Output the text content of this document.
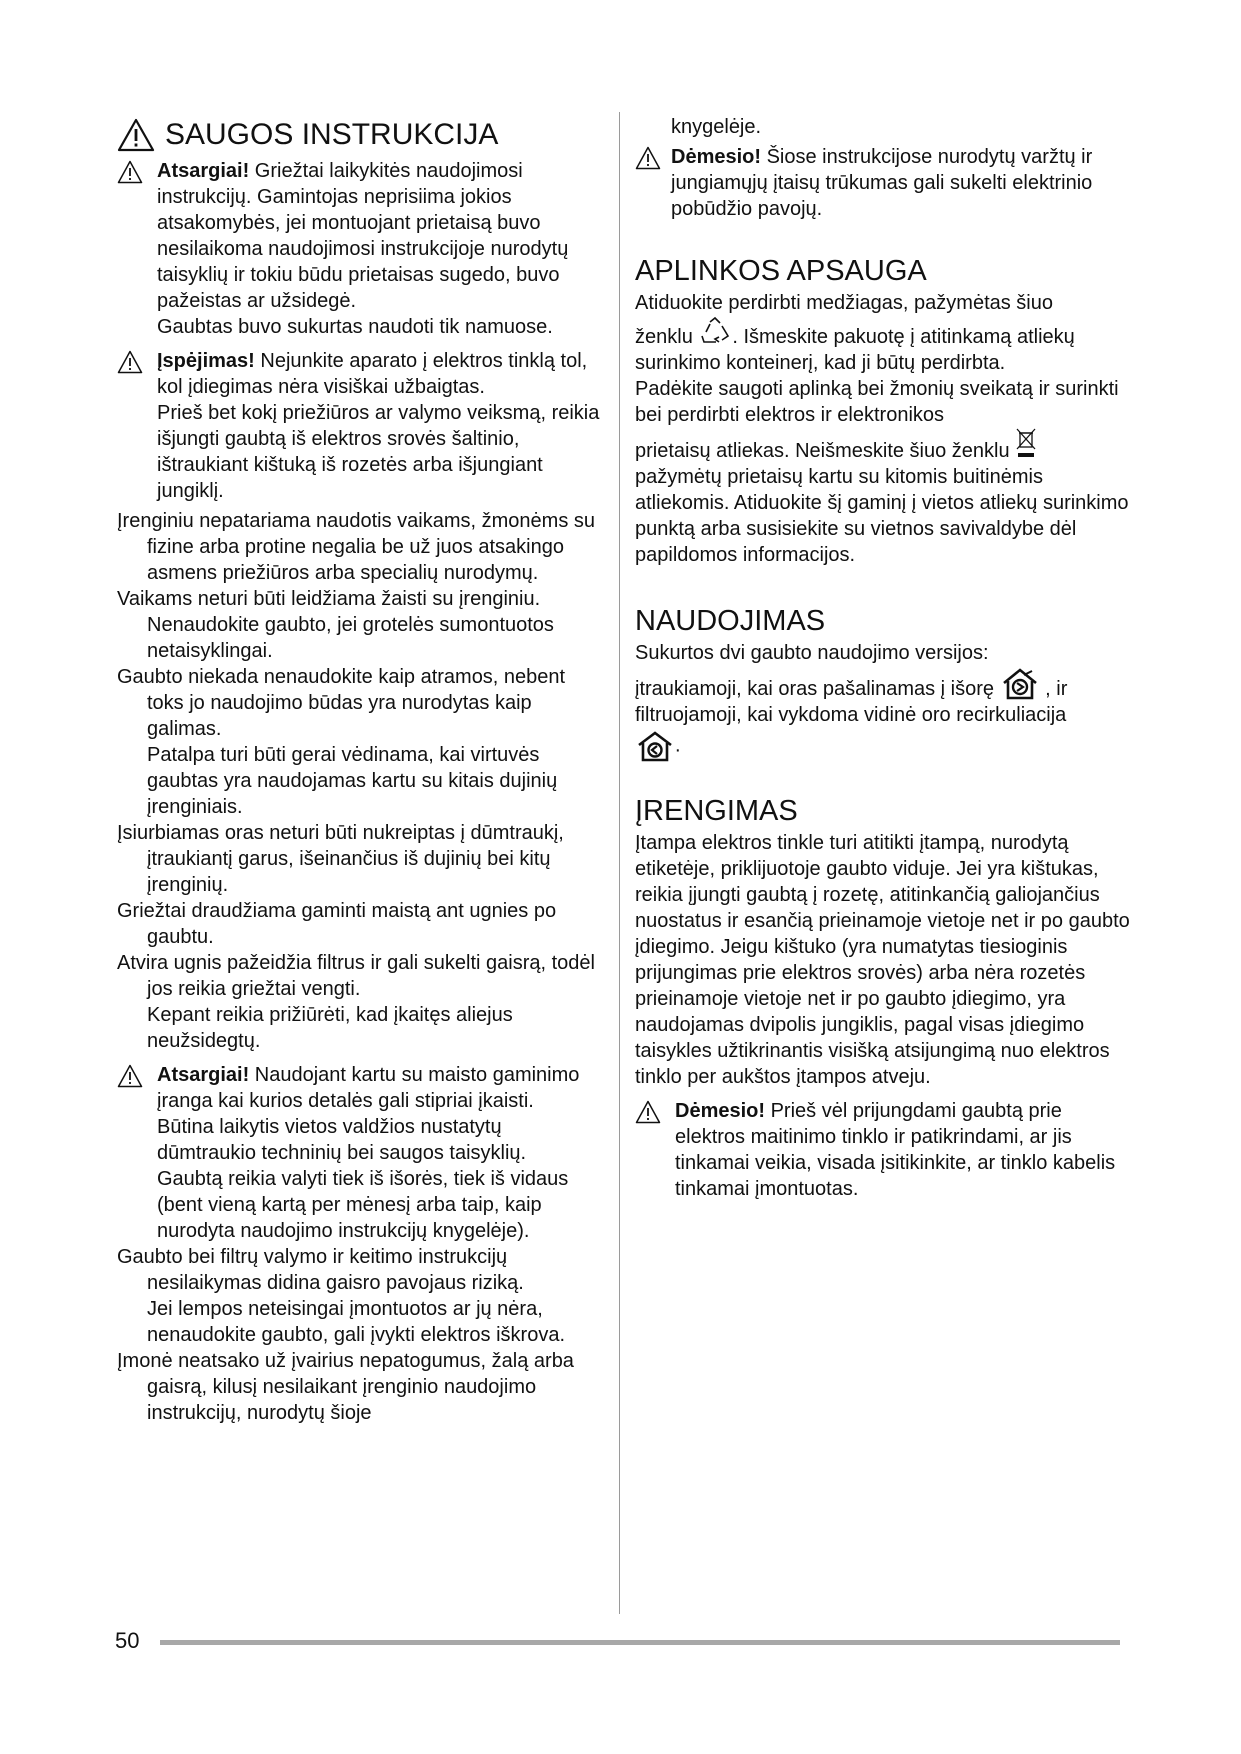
SAUGOS INSTRUKCIJA

Atsargiai! Griežtai laikykitės naudojimosi instrukcijų. Gamintojas neprisiima jokios atsakomybės, jei montuojant prietaisą buvo nesilaikoma naudojimosi instrukcijoje nurodytų taisyklių ir tokiu būdu prietaisas sugedo, buvo pažeistas ar užsidegė.

Gaubtas buvo sukurtas naudoti tik namuose.

Įspėjimas! Nejunkite aparato į elektros tinklą tol, kol įdiegimas nėra visiškai užbaigtas.

Prieš bet kokį priežiūros ar valymo veiksmą, reikia išjungti gaubtą iš elektros srovės šaltinio, ištraukiant kištuką iš rozetės arba išjungiant jungiklį.

Įrenginiu nepatariama naudotis vaikams, žmonėms su fizine arba protine negalia be už juos atsakingo asmens priežiūros arba specialių nurodymų.

Vaikams neturi būti leidžiama žaisti su įrenginiu. Nenaudokite gaubto, jei grotelės sumontuotos netaisyklingai.

Gaubto niekada nenaudokite kaip atramos, nebent toks jo naudojimo būdas yra nurodytas kaip galimas.

Patalpa turi būti gerai vėdinama, kai virtuvės gaubtas yra naudojamas kartu su kitais dujinių įrenginiais.

Įsiurbiamas oras neturi būti nukreiptas į dūmtraukį, įtraukiantį garus, išeinančius iš dujinių bei kitų įrenginių.

Griežtai draudžiama gaminti maistą ant ugnies po gaubtu.

Atvira ugnis pažeidžia filtrus ir gali sukelti gaisrą, todėl jos reikia griežtai vengti.

Kepant reikia prižiūrėti, kad įkaitęs aliejus neužsidegtų.

Atsargiai! Naudojant kartu su maisto gaminimo įranga kai kurios detalės gali stipriai įkaisti.

Būtina laikytis vietos valdžios nustatytų dūmtraukio techninių bei saugos taisyklių.

Gaubtą reikia valyti tiek iš išorės, tiek iš vidaus (bent vieną kartą per mėnesį arba taip, kaip nurodyta naudojimo instrukcijų knygelėje).

Gaubto bei filtrų valymo ir keitimo instrukcijų nesilaikymas didina gaisro pavojaus riziką.

Jei lempos neteisingai įmontuotos ar jų nėra, nenaudokite gaubto, gali įvykti elektros iškrova.

Įmonė neatsako už įvairius nepatogumus, žalą arba gaisrą, kilusį nesilaikant įrenginio naudojimo instrukcijų, nurodytų šioje

knygelėje.

Dėmesio! Šiose instrukcijose nurodytų varžtų ir jungiamųjų įtaisų trūkumas gali sukelti elektrinio pobūdžio pavojų.

APLINKOS APSAUGA

Atiduokite perdirbti medžiagas, pažymėtas šiuo

ženklu . Išmeskite pakuotę į atitinkamą atliekų surinkimo konteinerį, kad ji būtų perdirbta.

Padėkite saugoti aplinką bei žmonių sveikatą ir surinkti bei perdirbti elektros ir elektronikos

prietaisų atliekas. Neišmeskite šiuo ženklu

pažymėtų prietaisų kartu su kitomis buitinėmis atliekomis. Atiduokite šį gaminį į vietos atliekų surinkimo punktą arba susisiekite su vietnos savivaldybe dėl papildomos informacijos.

NAUDOJIMAS

Sukurtos dvi gaubto naudojimo versijos:

įtraukiamoji, kai oras pašalinamas į išorę  , ir

filtruojamoji, kai vykdoma vidinė oro recirkuliacija

.

ĮRENGIMAS

Įtampa elektros tinkle turi atitikti įtampą, nurodytą etiketėje, priklijuotoje gaubto viduje. Jei yra kištukas, reikia įjungti gaubtą į rozetę, atitinkančią galiojančius nuostatus ir esančią prieinamoje vietoje net ir po gaubto įdiegimo. Jeigu kištuko (yra numatytas tiesioginis prijungimas prie elektros srovės) arba nėra rozetės prieinamoje vietoje net ir po gaubto įdiegimo, yra naudojamas dvipolis jungiklis, pagal visas įdiegimo taisykles užtikrinantis visišką atsijungimą nuo elektros tinklo per aukštos įtampos atveju.

Dėmesio! Prieš vėl prijungdami gaubtą prie elektros maitinimo tinklo ir patikrindami, ar jis tinkamai veikia, visada įsitikinkite, ar tinklo kabelis tinkamai įmontuotas.

50
